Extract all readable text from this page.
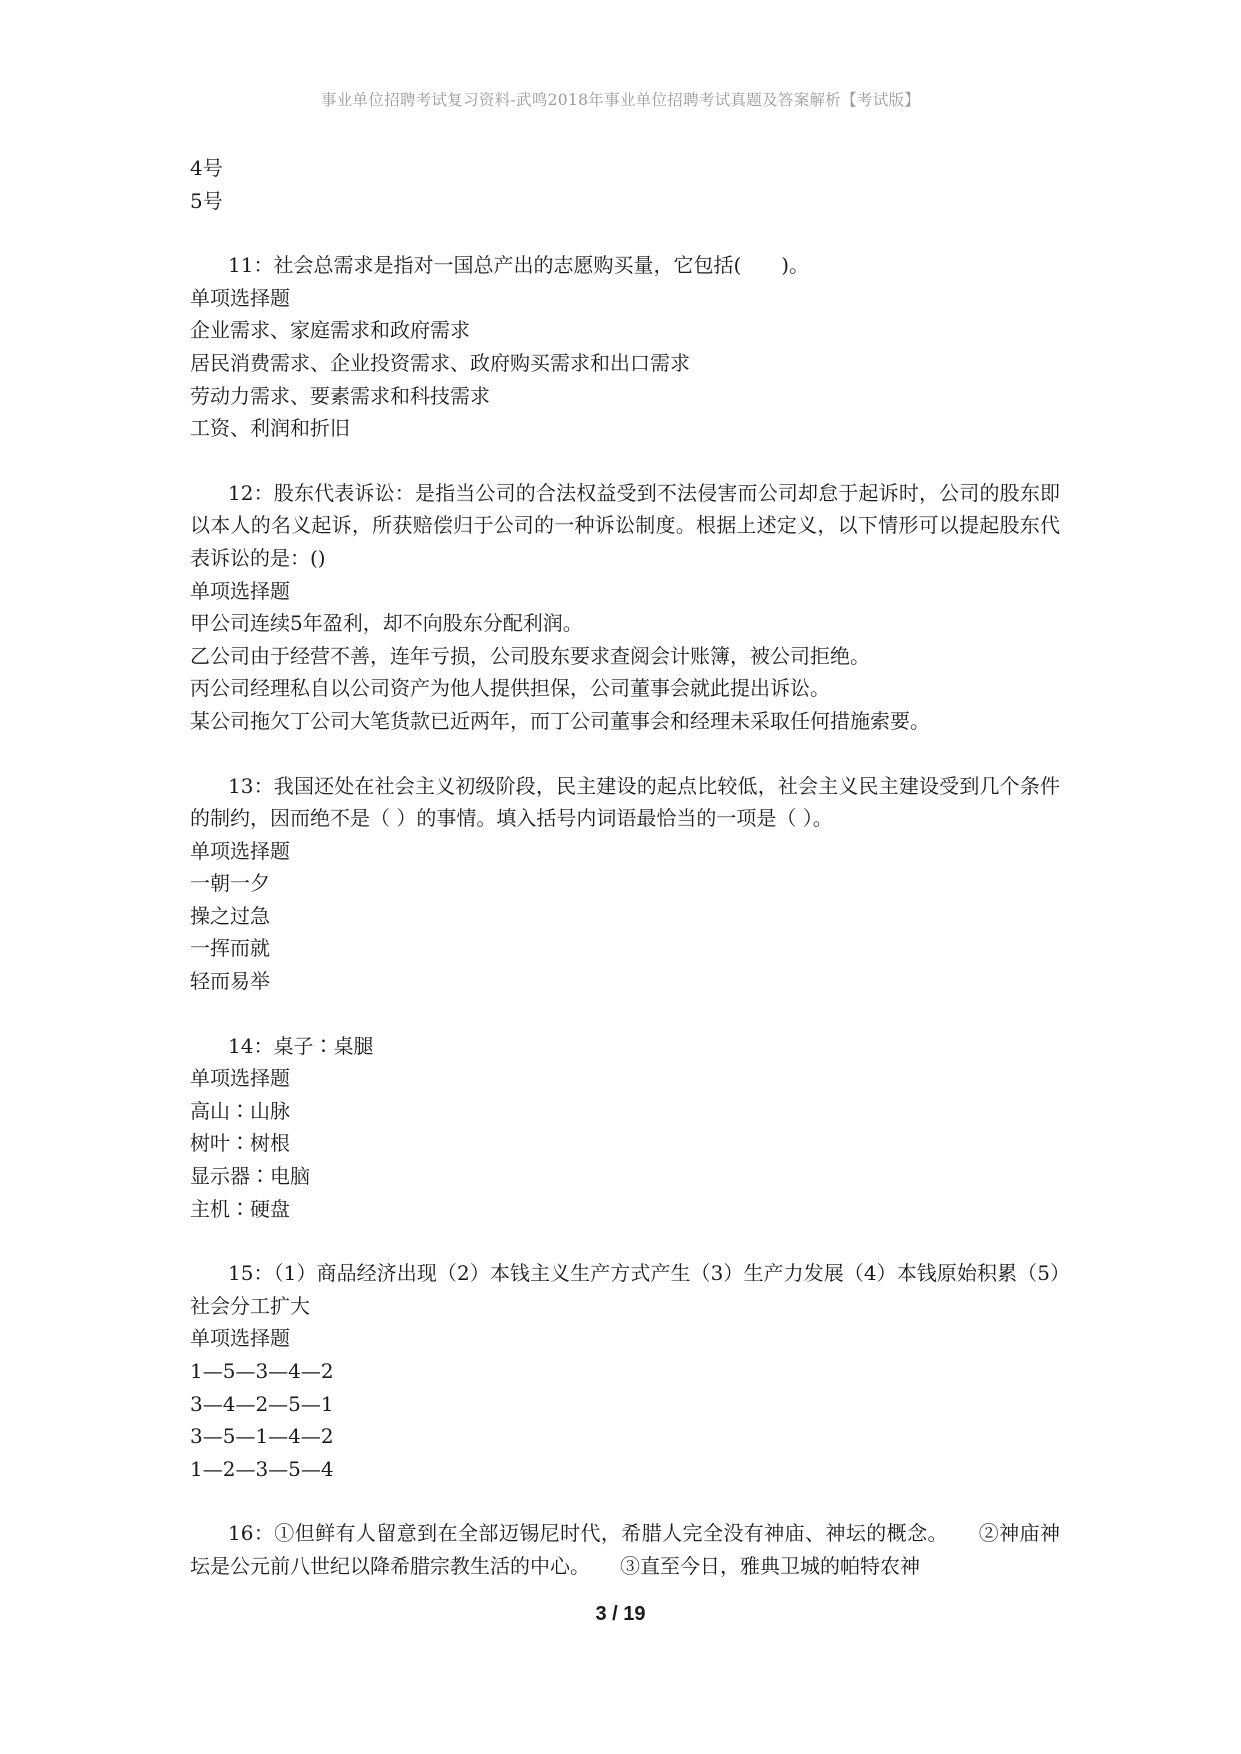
事业单位招聘考试复习资料-武鸣2018年事业单位招聘考试真题及答案解析【考试版】

4号

5号

11：社会总需求是指对一国总产出的志愿购买量，它包括(　　)。

单项选择题

企业需求、家庭需求和政府需求

居民消费需求、企业投资需求、政府购买需求和出口需求

劳动力需求、要素需求和科技需求

工资、利润和折旧

12：股东代表诉讼：是指当公司的合法权益受到不法侵害而公司却怠于起诉时，公司的股东即以本人的名义起诉，所获赔偿归于公司的一种诉讼制度。根据上述定义，以下情形可以提起股东代表诉讼的是：()

单项选择题

甲公司连续5年盈利，却不向股东分配利润。

乙公司由于经营不善，连年亏损，公司股东要求查阅会计账簿，被公司拒绝。

丙公司经理私自以公司资产为他人提供担保，公司董事会就此提出诉讼。

某公司拖欠丁公司大笔货款已近两年，而丁公司董事会和经理未采取任何措施索要。

13：我国还处在社会主义初级阶段，民主建设的起点比较低，社会主义民主建设受到几个条件的制约，因而绝不是（ ）的事情。填入括号内词语最恰当的一项是（ ）。

单项选择题

一朝一夕

操之过急

一挥而就

轻而易举

14：桌子∶桌腿

单项选择题

高山∶山脉

树叶∶树根

显示器∶电脑

主机∶硬盘

15：（1）商品经济出现（2）本钱主义生产方式产生（3）生产力发展（4）本钱原始积累（5）社会分工扩大

单项选择题

1—5—3—4—2

3—4—2—5—1

3—5—1—4—2

1—2—3—5—4

16：①但鲜有人留意到在全部迈锡尼时代，希腊人完全没有神庙、神坛的概念。　　②神庙神坛是公元前八世纪以降希腊宗教生活的中心。　　③直至今日，雅典卫城的帕特农神

3 / 19
